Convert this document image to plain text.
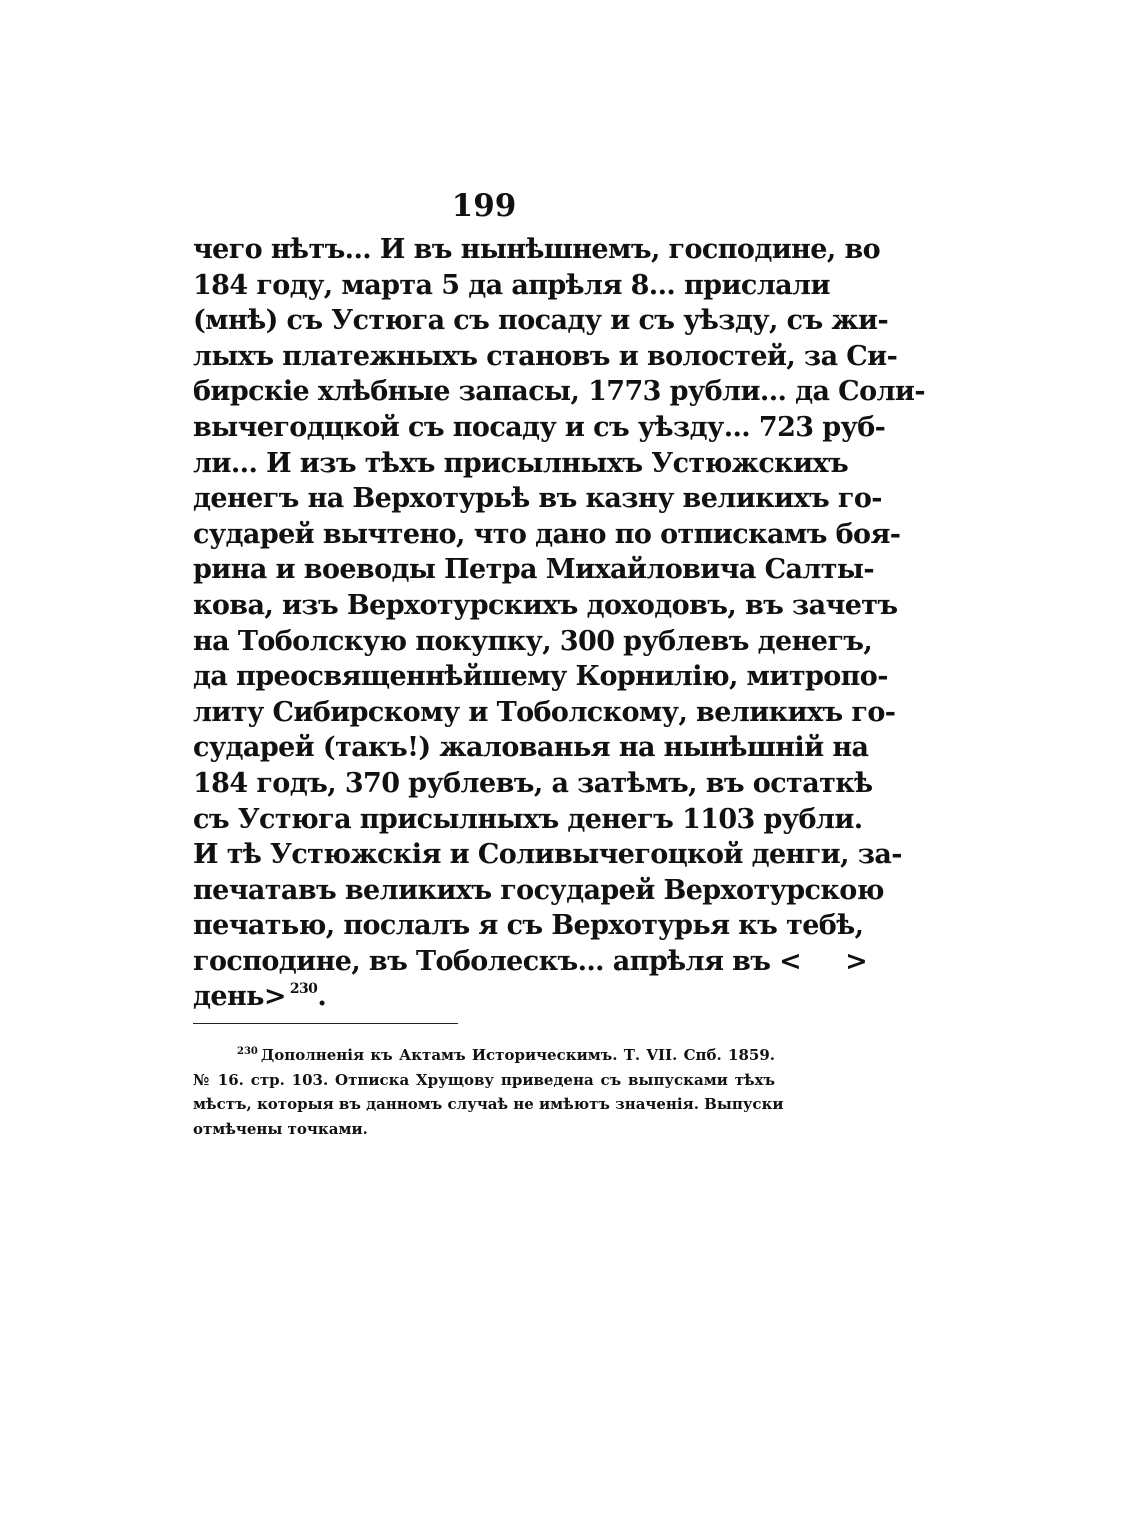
199
чего нѣтъ... И въ нынѣшнемъ, господине, во
184 году, марта 5 да апрѣля 8... прислали
(мнѣ) съ Устюга съ посаду и съ уѣзду, съ жи-
лыхъ платежныхъ становъ и волостей, за Си-
бирскіе хлѣбные запасы, 1773 рубли... да Соли-
вычегодцкой съ посаду и съ уѣзду... 723 руб-
ли... И изъ тѣхъ присылныхъ Устюжскихъ
денегъ на Верхотурьѣ въ казну великихъ го-
сударей вычтено, что дано по отпискамъ боя-
рина и воеводы Петра Михайловича Салты-
кова, изъ Верхотурскихъ доходовъ, въ зачетъ
на Тоболскую покупку, 300 рублевъ денегъ,
да преосвященнѣйшему Корнилію, митропо-
литу Сибирскому и Тоболскому, великихъ го-
сударей (такъ!) жалованья на нынѣшній на
184 годъ, 370 рублевъ, а затѣмъ, въ остаткѣ
съ Устюга присылныхъ денегъ 1103 рубли.
И тѣ Устюжскія и Соливычегоцкой денги, за-
печатавъ великихъ государей Верхотурскою
печатью, послалъ я съ Верхотурья къ тебѣ,
господине, въ Тоболескъ... апрѣля въ <     >
день> $^{230}$.
$^{230}$ Дополненія къ Актамъ Историческимъ. Т. VII. Спб. 1859.
№ 16. стр. 103. Отписка Хрущову приведена съ выпусками тѣхъ
мѣстъ, которыя въ данномъ случаѣ не имѣютъ значенія. Выпуски
отмѣчены точками.
